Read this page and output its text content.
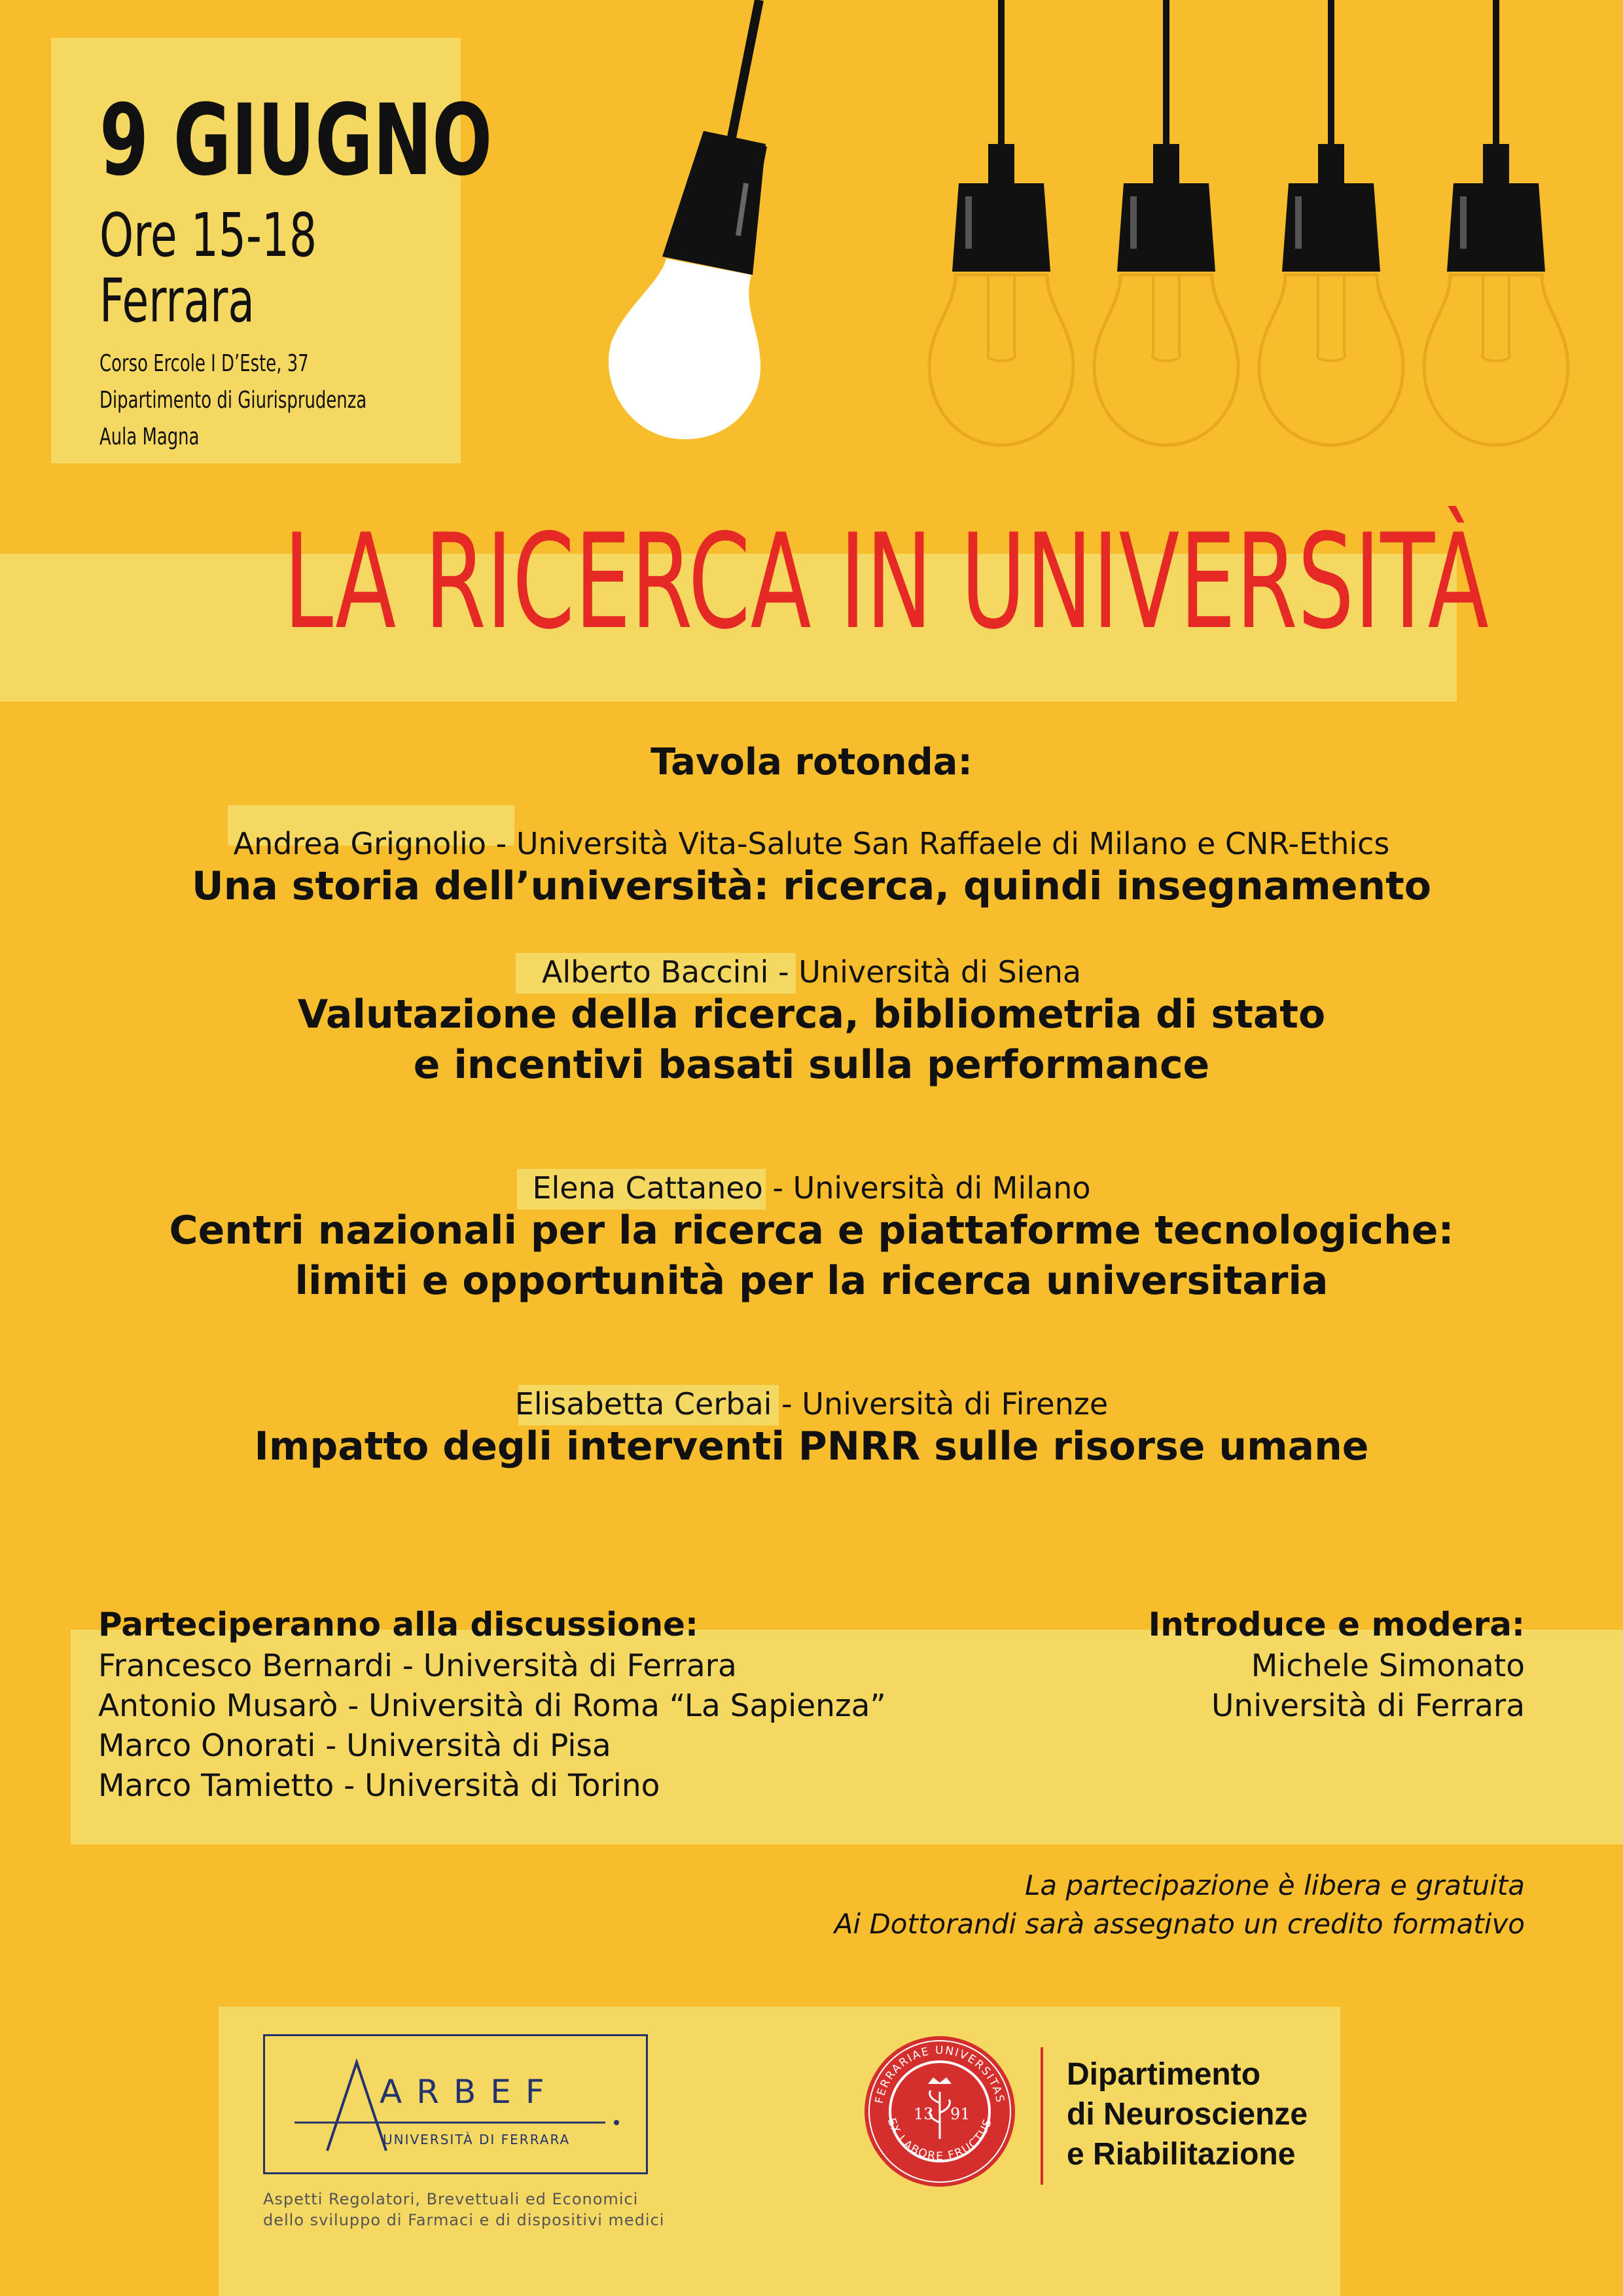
9 GIUGNO
Ore 15-18
Ferrara
Corso Ercole I D’Este, 37
Dipartimento di Giurisprudenza
Aula Magna
LA RICERCA IN UNIVERSITÀ
Tavola rotonda:
Andrea Grignolio - Università Vita-Salute San Raffaele di Milano e CNR-Ethics
Una storia dell’università: ricerca, quindi insegnamento
Alberto Baccini - Università di Siena
Valutazione della ricerca, bibliometria di stato
e incentivi basati sulla performance
Elena Cattaneo - Università di Milano
Centri nazionali per la ricerca e piattaforme tecnologiche:
limiti e opportunità per la ricerca universitaria
Elisabetta Cerbai - Università di Firenze
Impatto degli interventi PNRR sulle risorse umane
Parteciperanno alla discussione:
Francesco Bernardi - Università di Ferrara
Antonio Musarò - Università di Roma “La Sapienza”
Marco Onorati - Università di Pisa
Marco Tamietto - Università di Torino
Introduce e modera:
Michele Simonato
Università di Ferrara
La partecipazione è libera e gratuita
Ai Dottorandi sarà assegnato un credito formativo
ARBEF
UNIVERSITÀ DI FERRARA
Aspetti Regolatori, Brevettuali ed Economici
dello sviluppo di Farmaci e di dispositivi medici
FERRARIAE UNIVERSITAS
EX LABORE FRUCTUS
13 91
Dipartimento
di Neuroscienze
e Riabilitazione
